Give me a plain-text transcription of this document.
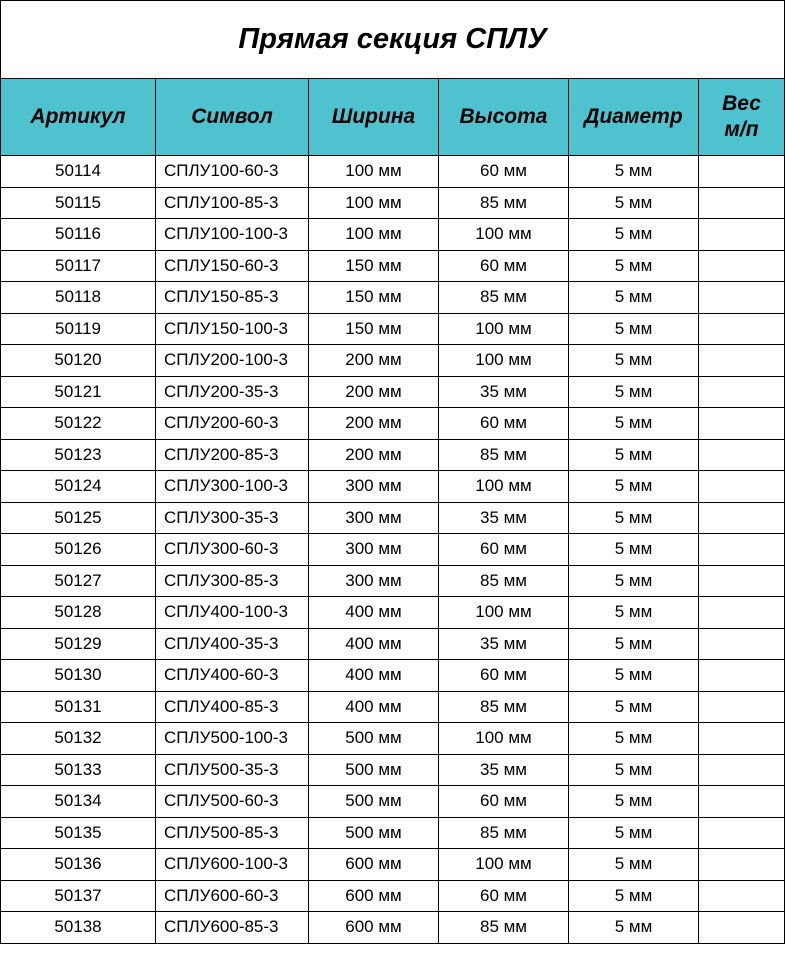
Прямая секция СПЛУ					
Артикул	Символ	Ширина	Высота	Диаметр	Вес
м/п
50114	СПЛУ100-60-3	100 мм	60 мм	5 мм	
50115	СПЛУ100-85-3	100 мм	85 мм	5 мм	
50116	СПЛУ100-100-3	100 мм	100 мм	5 мм	
50117	СПЛУ150-60-3	150 мм	60 мм	5 мм	
50118	СПЛУ150-85-3	150 мм	85 мм	5 мм	
50119	СПЛУ150-100-3	150 мм	100 мм	5 мм	
50120	СПЛУ200-100-3	200 мм	100 мм	5 мм	
50121	СПЛУ200-35-3	200 мм	35 мм	5 мм	
50122	СПЛУ200-60-3	200 мм	60 мм	5 мм	
50123	СПЛУ200-85-3	200 мм	85 мм	5 мм	
50124	СПЛУ300-100-3	300 мм	100 мм	5 мм	
50125	СПЛУ300-35-3	300 мм	35 мм	5 мм	
50126	СПЛУ300-60-3	300 мм	60 мм	5 мм	
50127	СПЛУ300-85-3	300 мм	85 мм	5 мм	
50128	СПЛУ400-100-3	400 мм	100 мм	5 мм	
50129	СПЛУ400-35-3	400 мм	35 мм	5 мм	
50130	СПЛУ400-60-3	400 мм	60 мм	5 мм	
50131	СПЛУ400-85-3	400 мм	85 мм	5 мм	
50132	СПЛУ500-100-3	500 мм	100 мм	5 мм	
50133	СПЛУ500-35-3	500 мм	35 мм	5 мм	
50134	СПЛУ500-60-3	500 мм	60 мм	5 мм	
50135	СПЛУ500-85-3	500 мм	85 мм	5 мм	
50136	СПЛУ600-100-3	600 мм	100 мм	5 мм	
50137	СПЛУ600-60-3	600 мм	60 мм	5 мм	
50138	СПЛУ600-85-3	600 мм	85 мм	5 мм	
